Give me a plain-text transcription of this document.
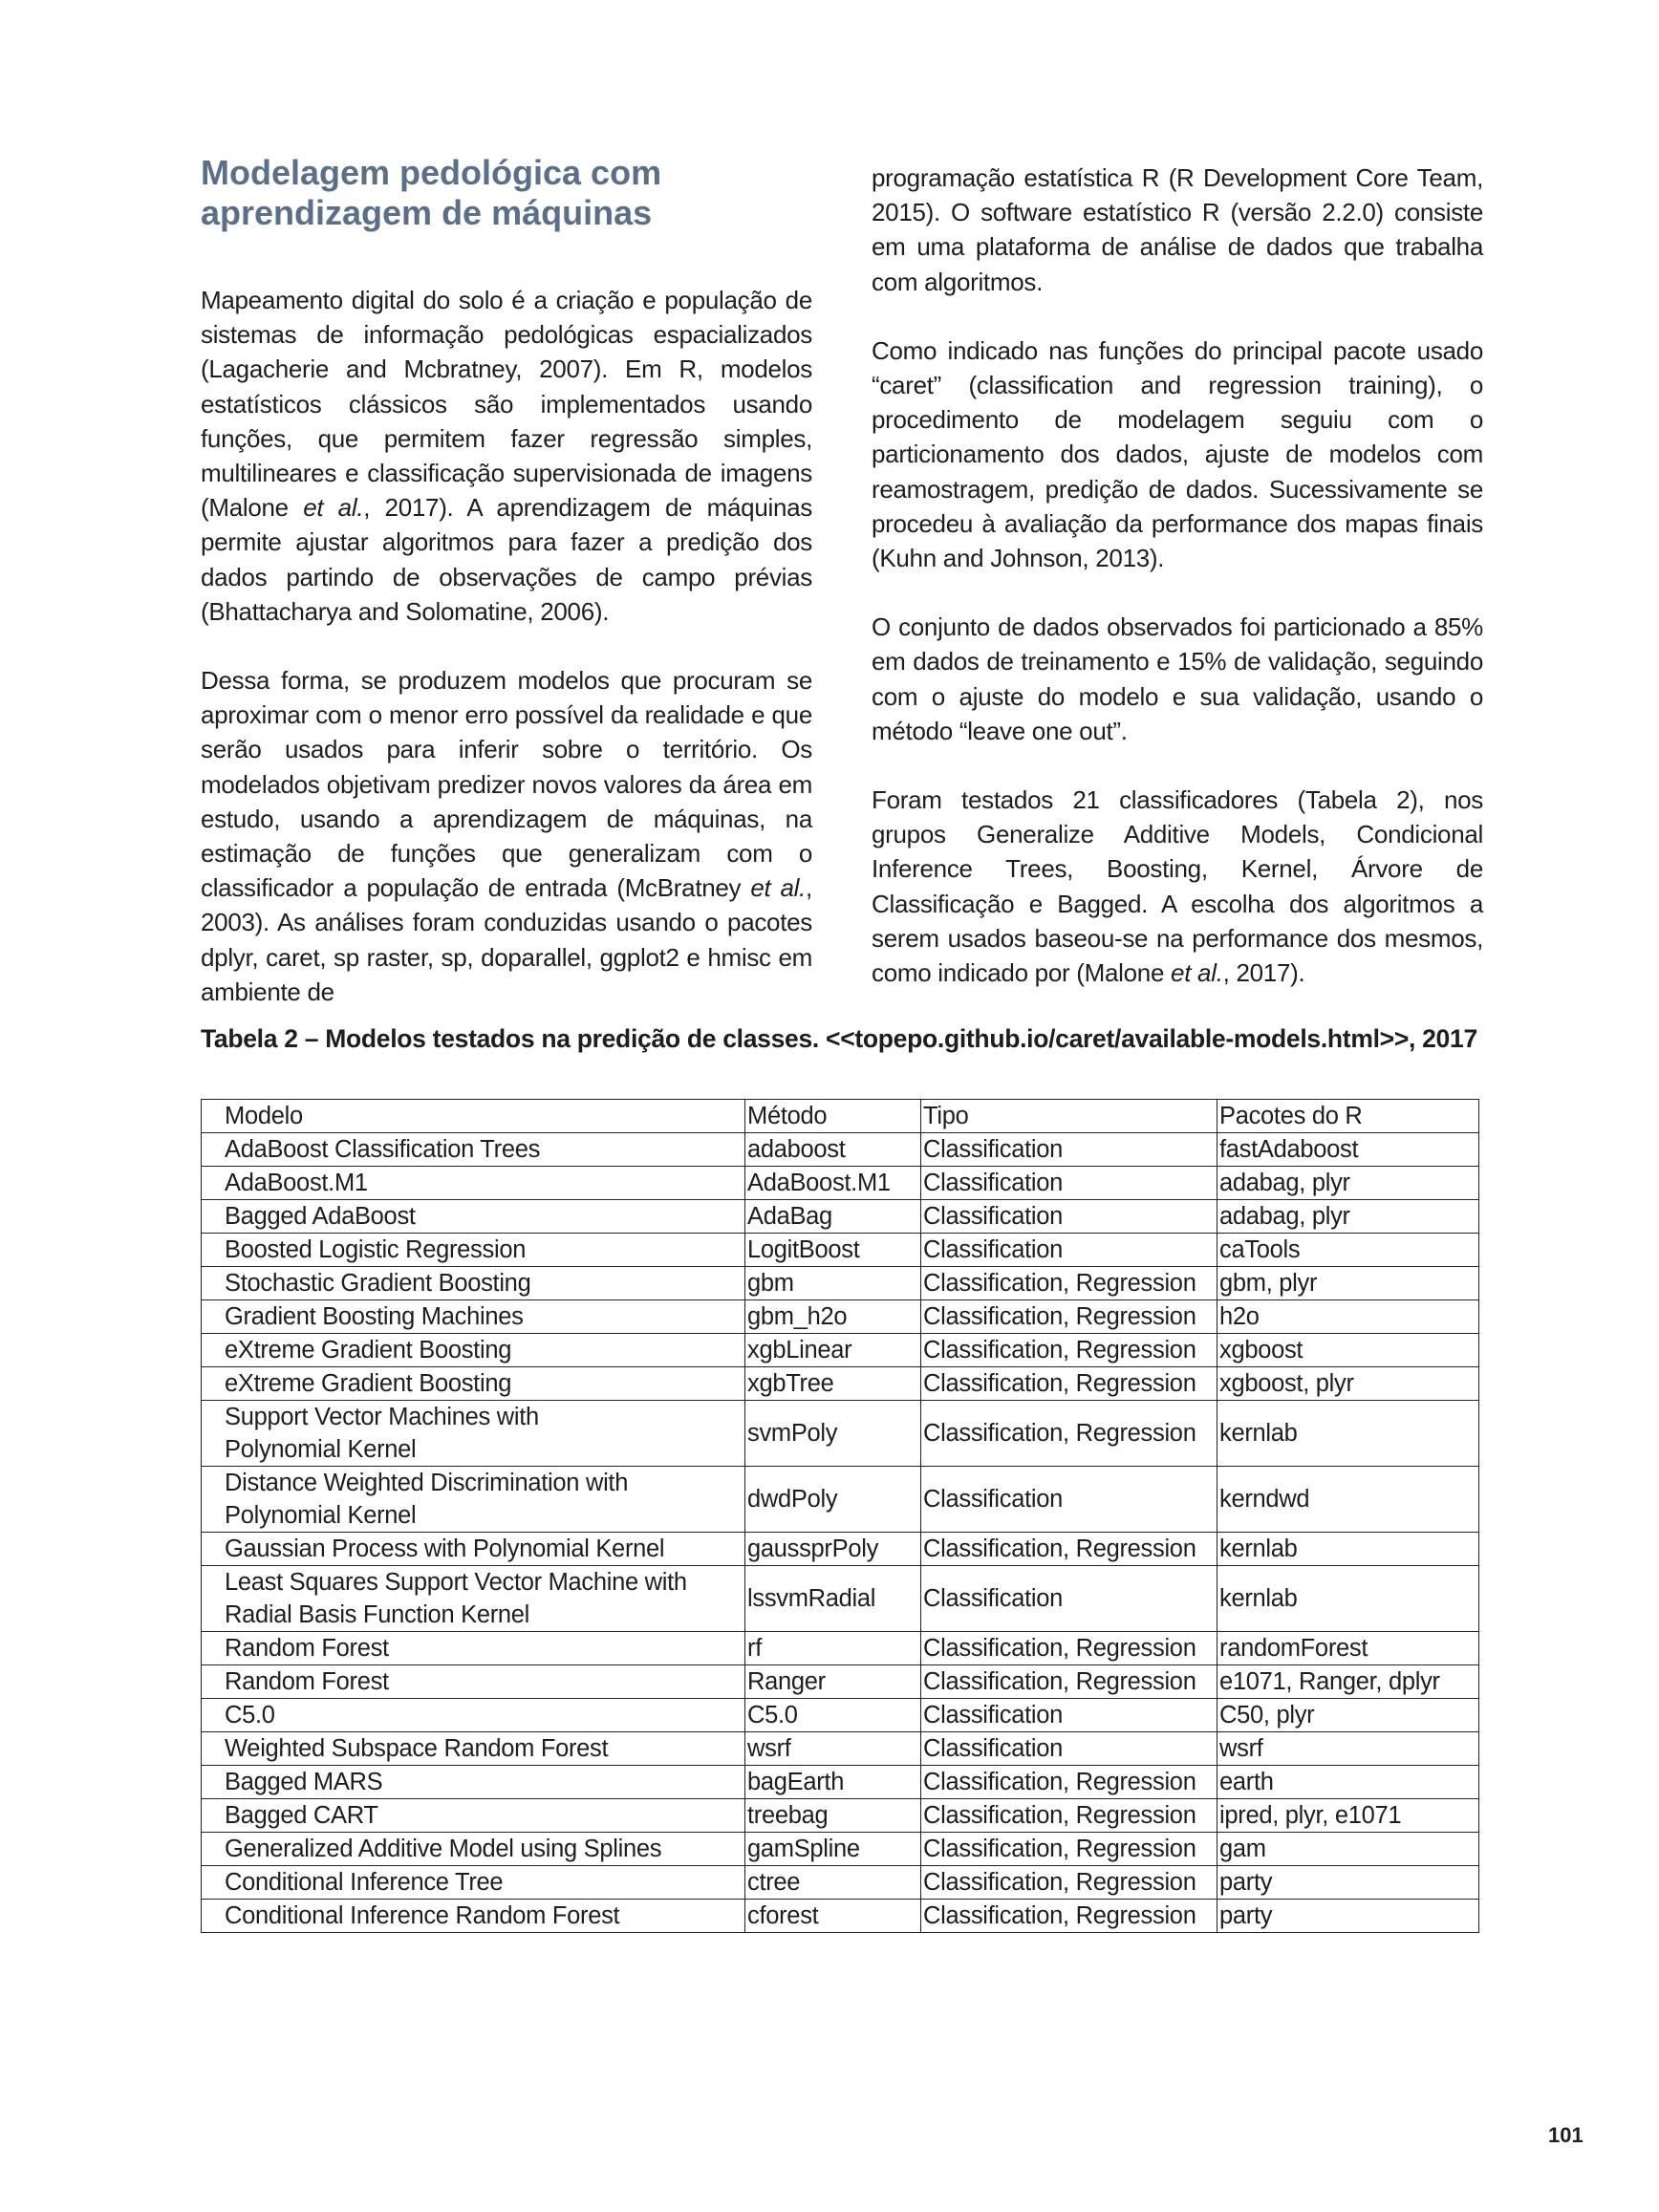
Modelagem pedológica com
aprendizagem de máquinas

Mapeamento digital do solo é a criação e população de sistemas de informação pedológicas espacializados (Lagacherie and Mcbratney, 2007). Em R, modelos estatísticos clássicos são implementados usando funções, que permitem fazer regressão simples, multilineares e classificação supervisionada de imagens (Malone et al., 2017). A aprendizagem de máquinas permite ajustar algoritmos para fazer a predição dos dados partindo de observações de campo prévias (Bhattacharya and Solomatine, 2006).

Dessa forma, se produzem modelos que procuram se aproximar com o menor erro possível da realidade e que serão usados para inferir sobre o território. Os modelados objetivam predizer novos valores da área em estudo, usando a aprendizagem de máquinas, na estimação de funções que generalizam com o classificador a população de entrada (McBratney et al., 2003). As análises foram conduzidas usando o pacotes dplyr, caret, sp raster, sp, doparallel, ggplot2 e hmisc em ambiente de

programação estatística R (R Development Core Team, 2015). O software estatístico R (versão 2.2.0) consiste em uma plataforma de análise de dados que trabalha com algoritmos.

Como indicado nas funções do principal pacote usado “caret” (classification and regression training), o procedimento de modelagem seguiu com o particionamento dos dados, ajuste de modelos com reamostragem, predição de dados. Sucessivamente se procedeu à avaliação da performance dos mapas finais (Kuhn and Johnson, 2013).

O conjunto de dados observados foi particionado a 85% em dados de treinamento e 15% de validação, seguindo com o ajuste do modelo e sua validação, usando o método “leave one out”.

Foram testados 21 classificadores (Tabela 2), nos grupos Generalize Additive Models, Condicional Inference Trees, Boosting, Kernel, Árvore de Classificação e Bagged. A escolha dos algoritmos a serem usados baseou-se na performance dos mesmos, como indicado por (Malone et al., 2017).

Tabela 2 – Modelos testados na predição de classes. <<topepo.github.io/caret/available-models.html>>, 2017

Modelo	Método	Tipo	Pacotes do R
AdaBoost Classification Trees	adaboost	Classification	fastAdaboost
AdaBoost.M1	AdaBoost.M1	Classification	adabag, plyr
Bagged AdaBoost	AdaBag	Classification	adabag, plyr
Boosted Logistic Regression	LogitBoost	Classification	caTools
Stochastic Gradient Boosting	gbm	Classification, Regression	gbm, plyr
Gradient Boosting Machines	gbm_h2o	Classification, Regression	h2o
eXtreme Gradient Boosting	xgbLinear	Classification, Regression	xgboost
eXtreme Gradient Boosting	xgbTree	Classification, Regression	xgboost, plyr
Support Vector Machines with
Polynomial Kernel	svmPoly	Classification, Regression	kernlab
Distance Weighted Discrimination with
Polynomial Kernel	dwdPoly	Classification	kerndwd
Gaussian Process with Polynomial Kernel	gaussprPoly	Classification, Regression	kernlab
Least Squares Support Vector Machine with
Radial Basis Function Kernel	lssvmRadial	Classification	kernlab
Random Forest	rf	Classification, Regression	randomForest
Random Forest	Ranger	Classification, Regression	e1071, Ranger, dplyr
C5.0	C5.0	Classification	C50, plyr
Weighted Subspace Random Forest	wsrf	Classification	wsrf
Bagged MARS	bagEarth	Classification, Regression	earth
Bagged CART	treebag	Classification, Regression	ipred, plyr, e1071
Generalized Additive Model using Splines	gamSpline	Classification, Regression	gam
Conditional Inference Tree	ctree	Classification, Regression	party
Conditional Inference Random Forest	cforest	Classification, Regression	party
101
